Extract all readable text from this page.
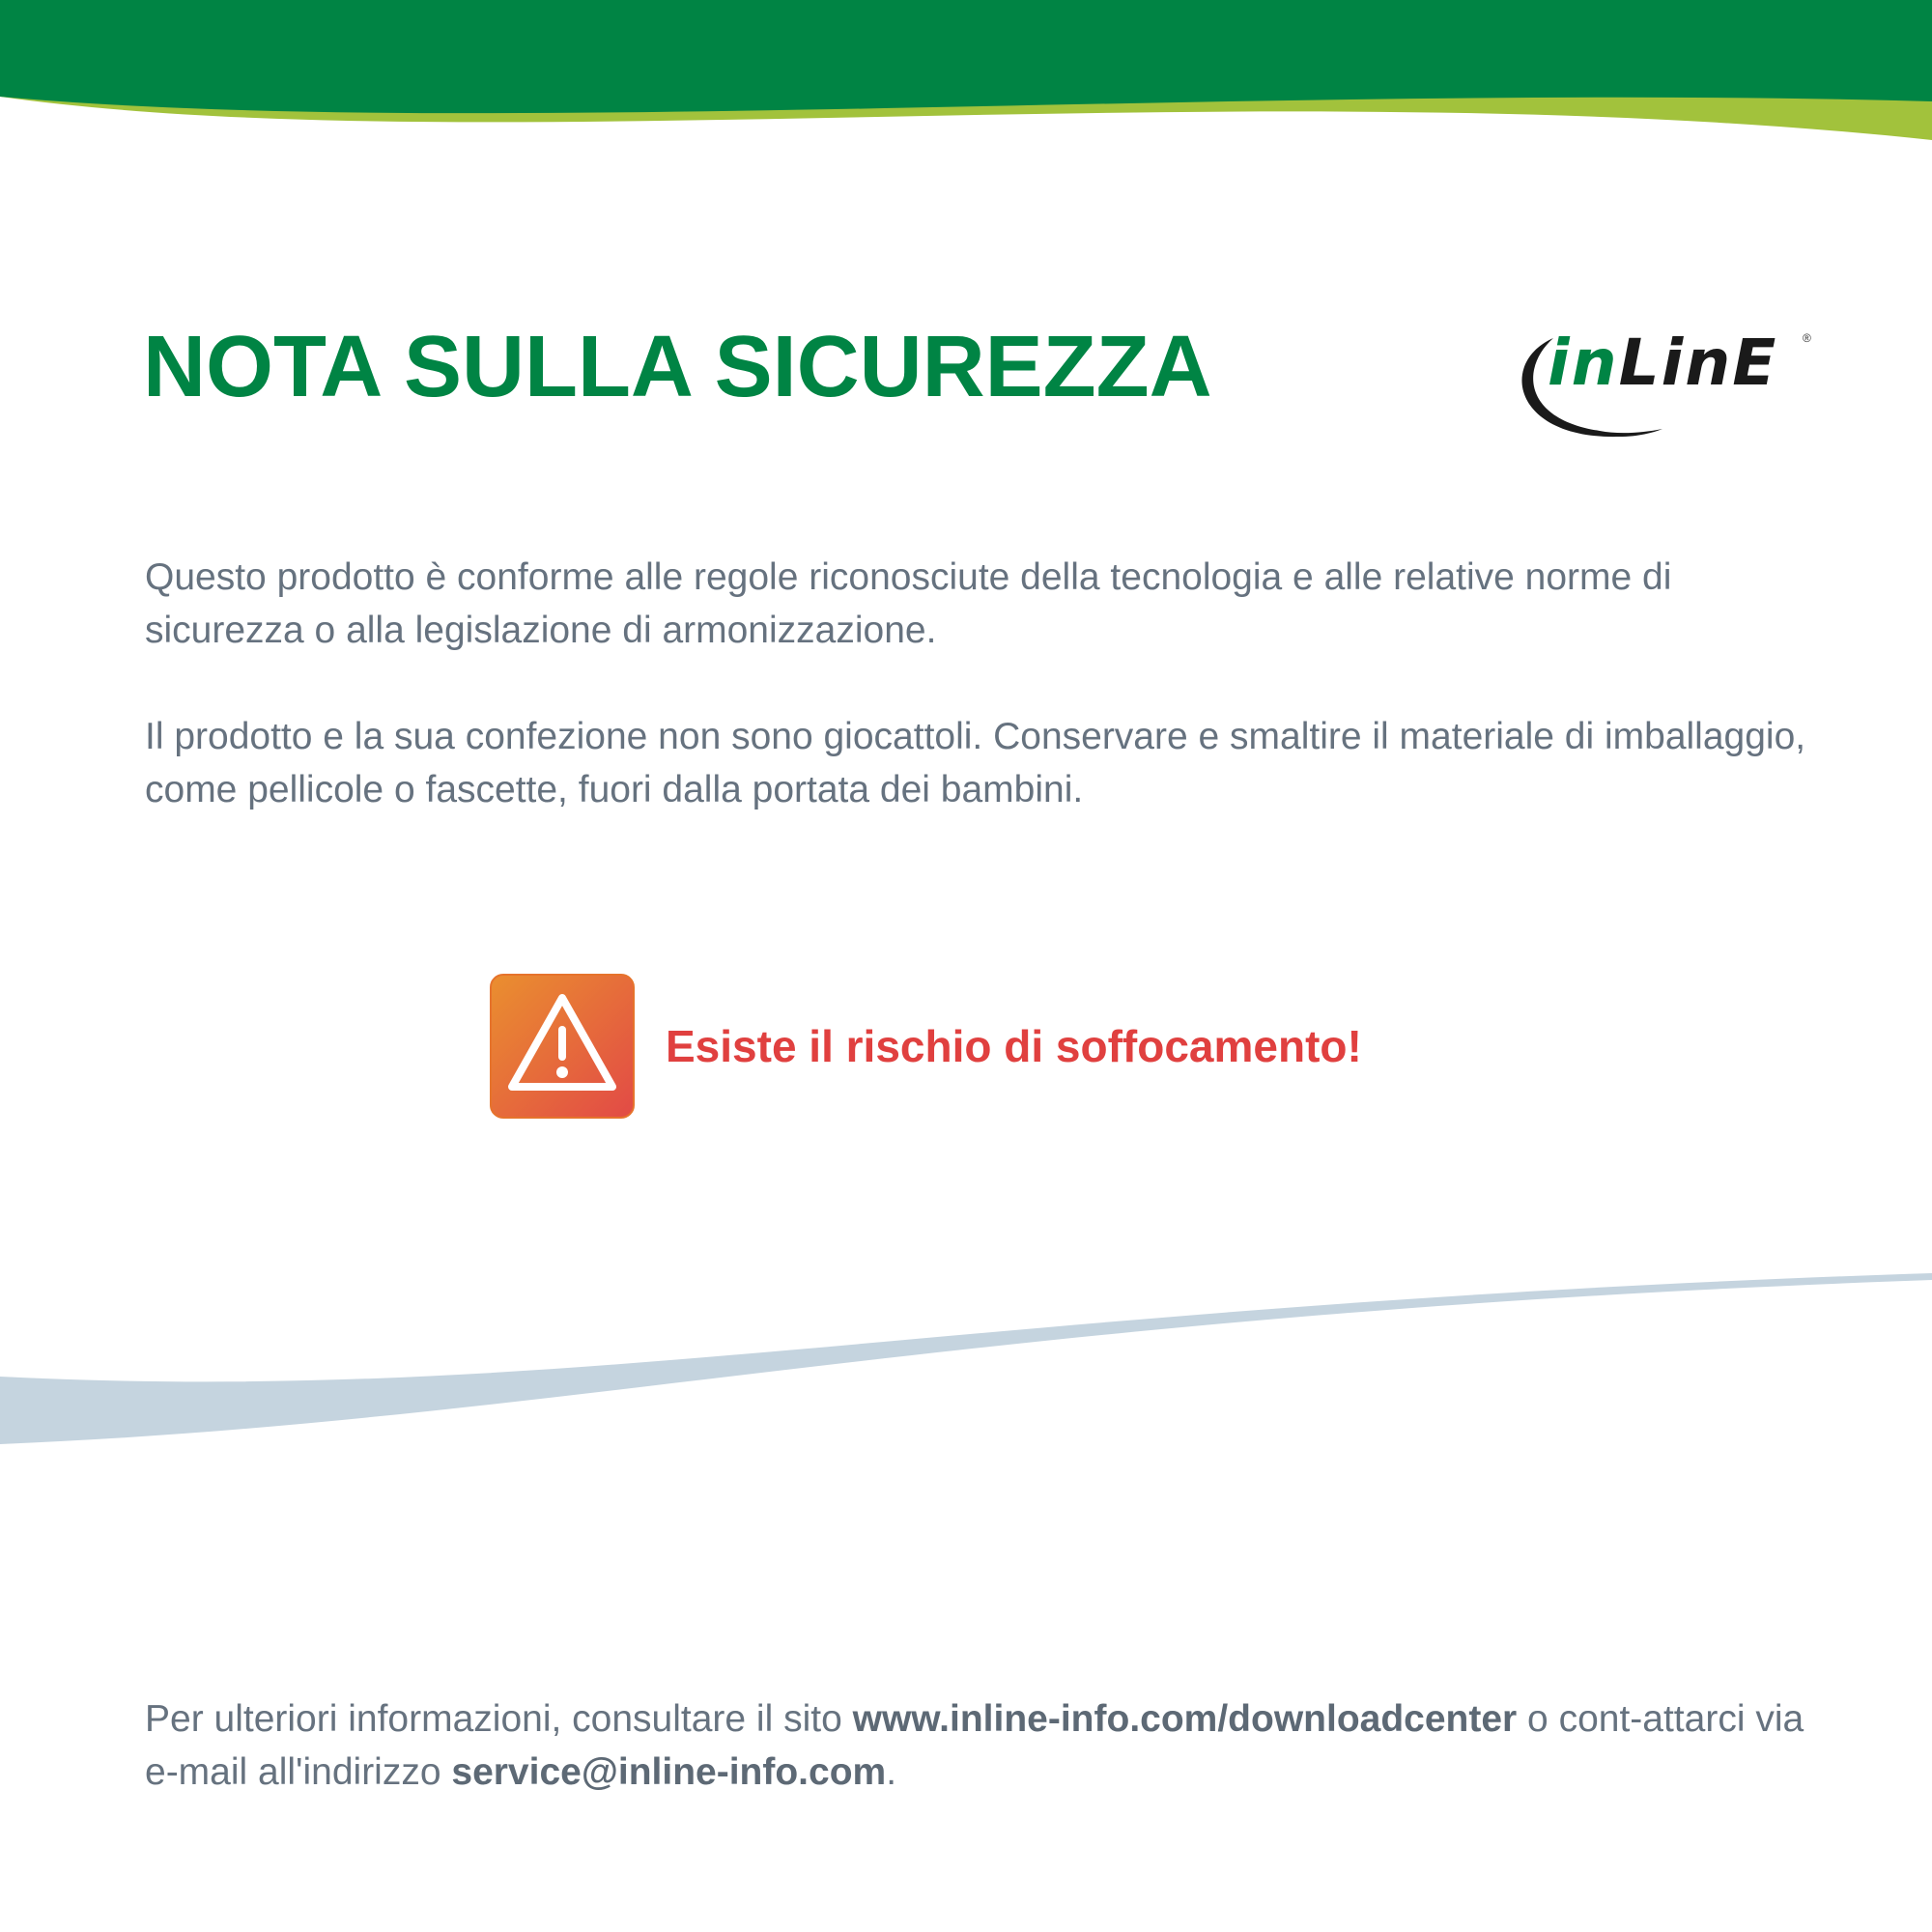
NOTA SULLA SICUREZZA	inLinE ®

Questo prodotto è conforme alle regole riconosciute della tecnologia e alle relative norme di sicurezza o alla legislazione di armonizzazione.

Il prodotto e la sua confezione non sono giocattoli. Conservare e smaltire il materiale di imballaggio, come pellicole o fascette, fuori dalla portata dei bambini.

Esiste il rischio di soffocamento!

Per ulteriori informazioni, consultare il sito www.inline-info.com/downloadcenter o cont-attarci via e-mail all'indirizzo service@inline-info.com.
